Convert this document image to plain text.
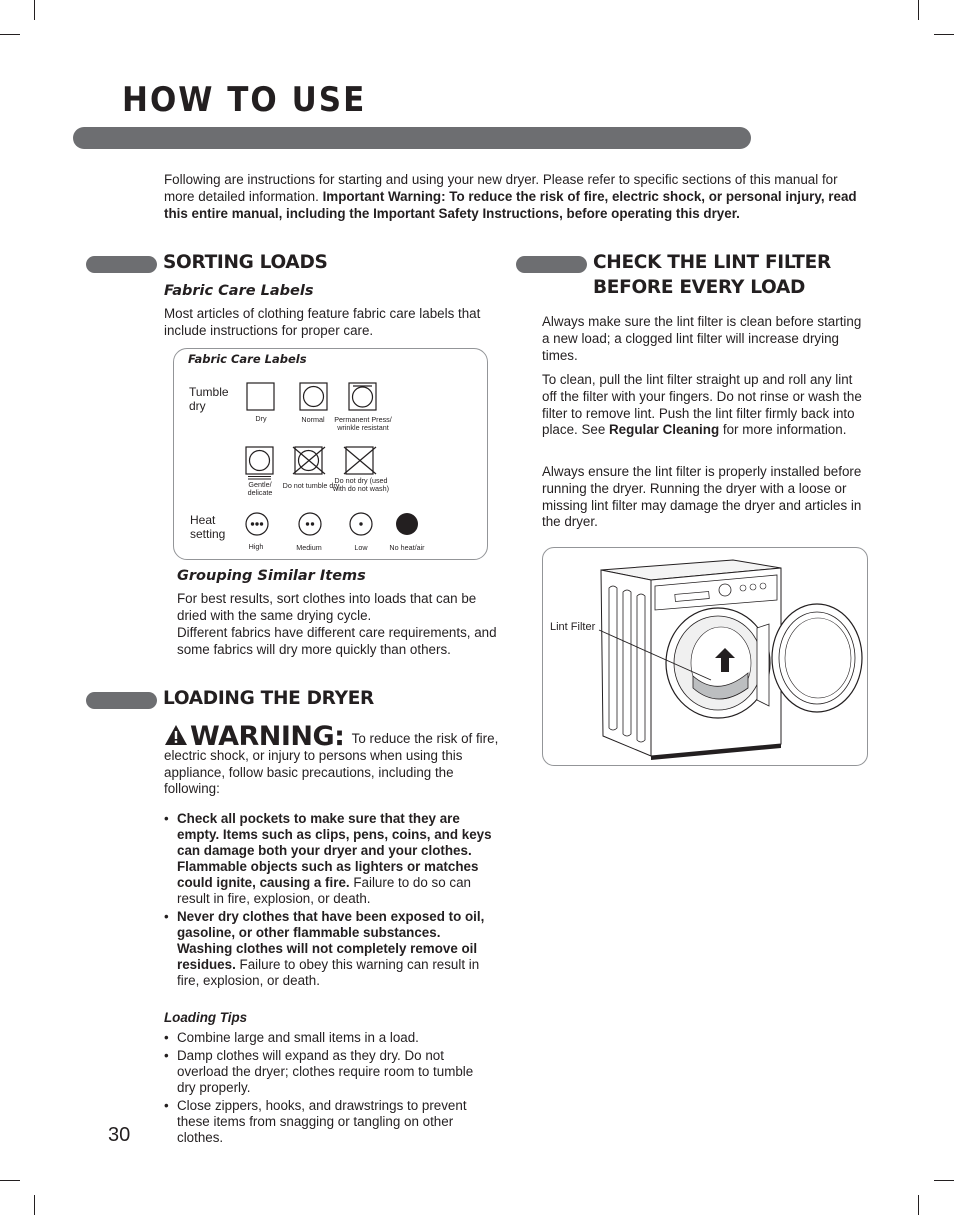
HOW TO USE

Following are instructions for starting and using your new dryer. Please refer to specific sections of this manual for more detailed information. Important Warning: To reduce the risk of fire, electric shock, or personal injury, read this entire manual, including the Important Safety Instructions, before operating this dryer.

SORTING LOADS
Fabric Care Labels

Most articles of clothing feature fabric care labels that include instructions for proper care.

Fabric Care Labels
Tumble dry
Heat setting
Dry	Normal	Permanent Press/ wrinkle resistant
Gentle/ delicate
Do not tumble dry
Do not dry (used with do not wash)
High	Medium	Low	No heat/air
Grouping Similar Items

For best results, sort clothes into loads that can be dried with the same drying cycle.

Different fabrics have different care requirements, and some fabrics will dry more quickly than others.

LOADING THE DRYER
WARNING: To reduce the risk of fire, electric shock, or injury to persons when using this appliance, follow basic precautions, including the following:
• Check all pockets to make sure that they are empty. Items such as clips, pens, coins, and keys can damage both your dryer and your clothes. Flammable objects such as lighters or matches could ignite, causing a fire. Failure to do so can result in fire, explosion, or death.
• Never dry clothes that have been exposed to oil, gasoline, or other flammable substances. Washing clothes will not completely remove oil residues. Failure to obey this warning can result in fire, explosion, or death.
Loading Tips
• Combine large and small items in a load.
• Damp clothes will expand as they dry. Do not overload the dryer; clothes require room to tumble dry properly.
• Close zippers, hooks, and drawstrings to prevent these items from snagging or tangling on other clothes.
CHECK THE LINT FILTER
BEFORE EVERY LOAD

Always make sure the lint filter is clean before starting a new load; a clogged lint filter will increase drying times.

To clean, pull the lint filter straight up and roll any lint off the filter with your fingers. Do not rinse or wash the filter to remove lint. Push the lint filter firmly back into place. See Regular Cleaning for more information.

Always ensure the lint filter is properly installed before running the dryer. Running the dryer with a loose or missing lint filter may damage the dryer and articles in the dryer.

Lint Filter
30
